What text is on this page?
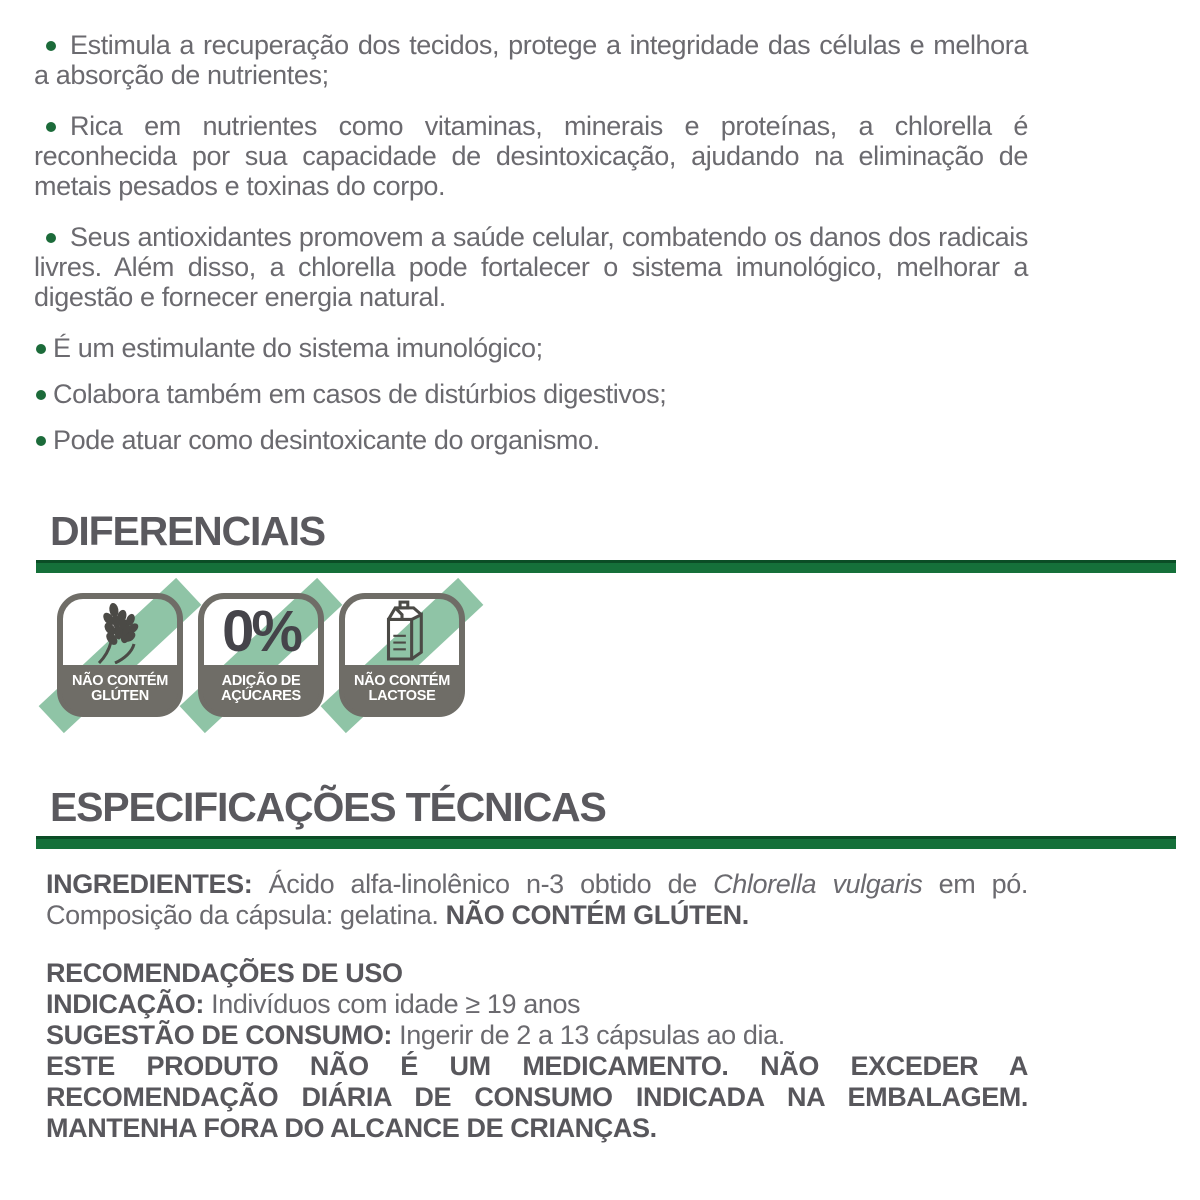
Estimula a recuperação dos tecidos, protege a integridade das células e melhora a absorção de nutrientes;

Rica em nutrientes como vitaminas, minerais e proteínas, a chlorella é reconhecida por sua capacidade de desintoxicação, ajudando na eliminação de metais pesados e toxinas do corpo.

Seus antioxidantes promovem a saúde celular, combatendo os danos dos radicais livres. Além disso, a chlorella pode fortalecer o sistema imunológico, melhorar a digestão e fornecer energia natural.

É um estimulante do sistema imunológico;

Colabora também em casos de distúrbios digestivos;

Pode atuar como desintoxicante do organismo.

DIFERENCIAIS
NÃO CONTÉM
GLÚTEN
0%
ADIÇÃO DE
AÇÚCARES
NÃO CONTÉM
LACTOSE
ESPECIFICAÇÕES TÉCNICAS

INGREDIENTES: Ácido alfa-linolênico n-3 obtido de Chlorella vulgaris em pó. Composição da cápsula: gelatina. NÃO CONTÉM GLÚTEN.

RECOMENDAÇÕES DE USO

INDICAÇÃO: Indivíduos com idade ≥ 19 anos

SUGESTÃO DE CONSUMO: Ingerir de 2 a 13 cápsulas ao dia.

ESTE PRODUTO NÃO É UM MEDICAMENTO. NÃO EXCEDER A RECOMENDAÇÃO DIÁRIA DE CONSUMO INDICADA NA EMBALAGEM. MANTENHA FORA DO ALCANCE DE CRIANÇAS.
